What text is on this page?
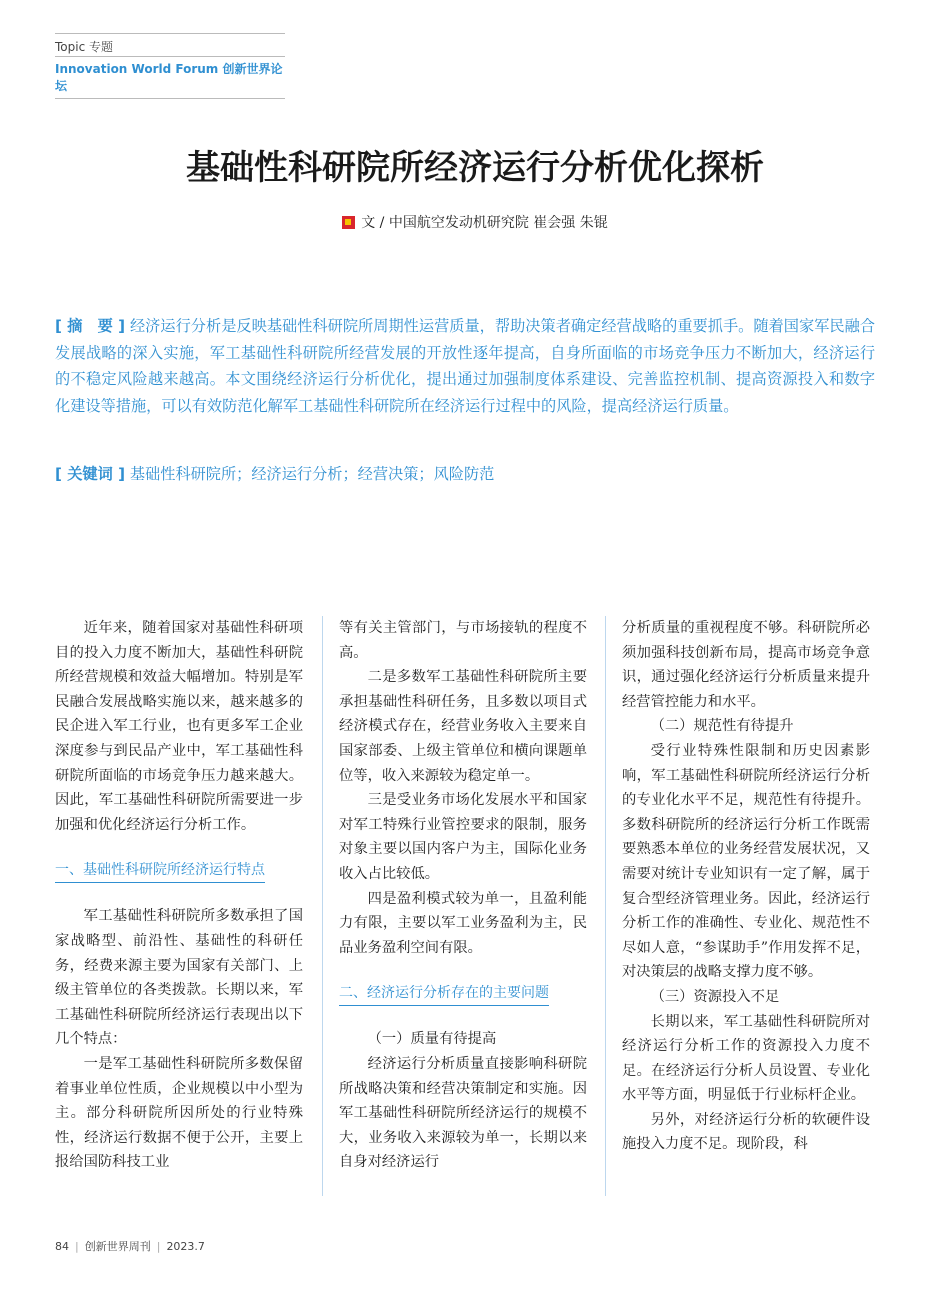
Topic 专题
Innovation World Forum 创新世界论坛
基础性科研院所经济运行分析优化探析
文 / 中国航空发动机研究院 崔会强 朱锟
[ 摘　要 ] 经济运行分析是反映基础性科研院所周期性运营质量，帮助决策者确定经营战略的重要抓手。随着国家军民融合发展战略的深入实施，军工基础性科研院所经营发展的开放性逐年提高，自身所面临的市场竞争压力不断加大，经济运行的不稳定风险越来越高。本文围绕经济运行分析优化，提出通过加强制度体系建设、完善监控机制、提高资源投入和数字化建设等措施，可以有效防范化解军工基础性科研院所在经济运行过程中的风险，提高经济运行质量。
[ 关键词 ] 基础性科研院所；经济运行分析；经营决策；风险防范

近年来，随着国家对基础性科研项目的投入力度不断加大，基础性科研院所经营规模和效益大幅增加。特别是军民融合发展战略实施以来，越来越多的民企进入军工行业，也有更多军工企业深度参与到民品产业中，军工基础性科研院所面临的市场竞争压力越来越大。因此，军工基础性科研院所需要进一步加强和优化经济运行分析工作。

一、基础性科研院所经济运行特点

军工基础性科研院所多数承担了国家战略型、前沿性、基础性的科研任务，经费来源主要为国家有关部门、上级主管单位的各类拨款。长期以来，军工基础性科研院所经济运行表现出以下几个特点：

一是军工基础性科研院所多数保留着事业单位性质，企业规模以中小型为主。部分科研院所因所处的行业特殊性，经济运行数据不便于公开，主要上报给国防科技工业

等有关主管部门，与市场接轨的程度不高。

二是多数军工基础性科研院所主要承担基础性科研任务，且多数以项目式经济模式存在，经营业务收入主要来自国家部委、上级主管单位和横向课题单位等，收入来源较为稳定单一。

三是受业务市场化发展水平和国家对军工特殊行业管控要求的限制，服务对象主要以国内客户为主，国际化业务收入占比较低。

四是盈利模式较为单一，且盈利能力有限，主要以军工业务盈利为主，民品业务盈利空间有限。

二、经济运行分析存在的主要问题

（一）质量有待提高

经济运行分析质量直接影响科研院所战略决策和经营决策制定和实施。因军工基础性科研院所经济运行的规模不大，业务收入来源较为单一，长期以来自身对经济运行

分析质量的重视程度不够。科研院所必须加强科技创新布局，提高市场竞争意识，通过强化经济运行分析质量来提升经营管控能力和水平。

（二）规范性有待提升

受行业特殊性限制和历史因素影响，军工基础性科研院所经济运行分析的专业化水平不足，规范性有待提升。多数科研院所的经济运行分析工作既需要熟悉本单位的业务经营发展状况，又需要对统计专业知识有一定了解，属于复合型经济管理业务。因此，经济运行分析工作的准确性、专业化、规范性不尽如人意，“参谋助手”作用发挥不足，对决策层的战略支撑力度不够。

（三）资源投入不足

长期以来，军工基础性科研院所对经济运行分析工作的资源投入力度不足。在经济运行分析人员设置、专业化水平等方面，明显低于行业标杆企业。

另外，对经济运行分析的软硬件设施投入力度不足。现阶段，科

84 | 创新世界周刊 | 2023.7
